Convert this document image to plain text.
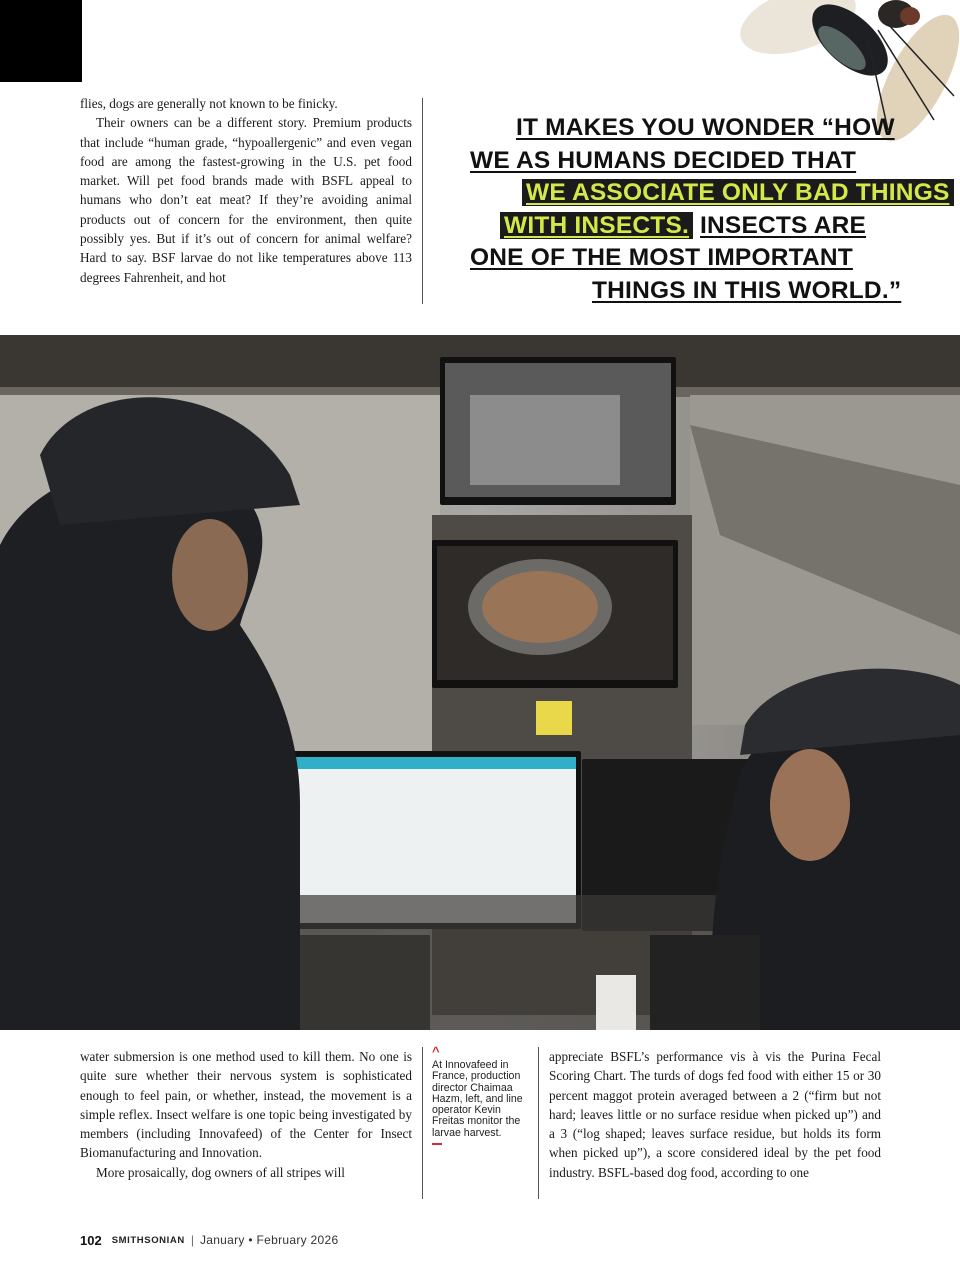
flies, dogs are generally not known to be finicky.

Their owners can be a different story. Premium products that include “human grade, “hypoallergenic” and even vegan food are among the fastest-growing in the U.S. pet food market. Will pet food brands made with BSFL appeal to humans who don’t eat meat? If they’re avoiding animal products out of concern for the environment, then quite possibly yes. But if it’s out of concern for animal welfare? Hard to say. BSF larvae do not like temperatures above 113 degrees Fahrenheit, and hot

IT MAKES YOU WONDER “HOW
WE AS HUMANS DECIDED THAT
WE ASSOCIATE ONLY BAD THINGS
WITH INSECTS. INSECTS ARE
ONE OF THE MOST IMPORTANT
THINGS IN THIS WORLD.”

water submersion is one method used to kill them. No one is quite sure whether their nervous system is sophisticated enough to feel pain, or whether, instead, the movement is a simple reflex. Insect welfare is one topic being investigated by members (including Innovafeed) of the Center for Insect Biomanufacturing and Innovation.

More prosaically, dog owners of all stripes will

^
At Innovafeed in France, production director Chaimaa Hazm, left, and line operator Kevin Freitas monitor the larvae harvest.

appreciate BSFL’s performance vis à vis the Purina Fecal Scoring Chart. The turds of dogs fed food with either 15 or 30 percent maggot protein averaged between a 2 (“firm but not hard; leaves little or no surface residue when picked up”) and a 3 (“log shaped; leaves surface residue, but holds its form when picked up”), a score considered ideal by the pet food industry. BSFL-based dog food, according to one

102 SMITHSONIAN | January • February 2026
